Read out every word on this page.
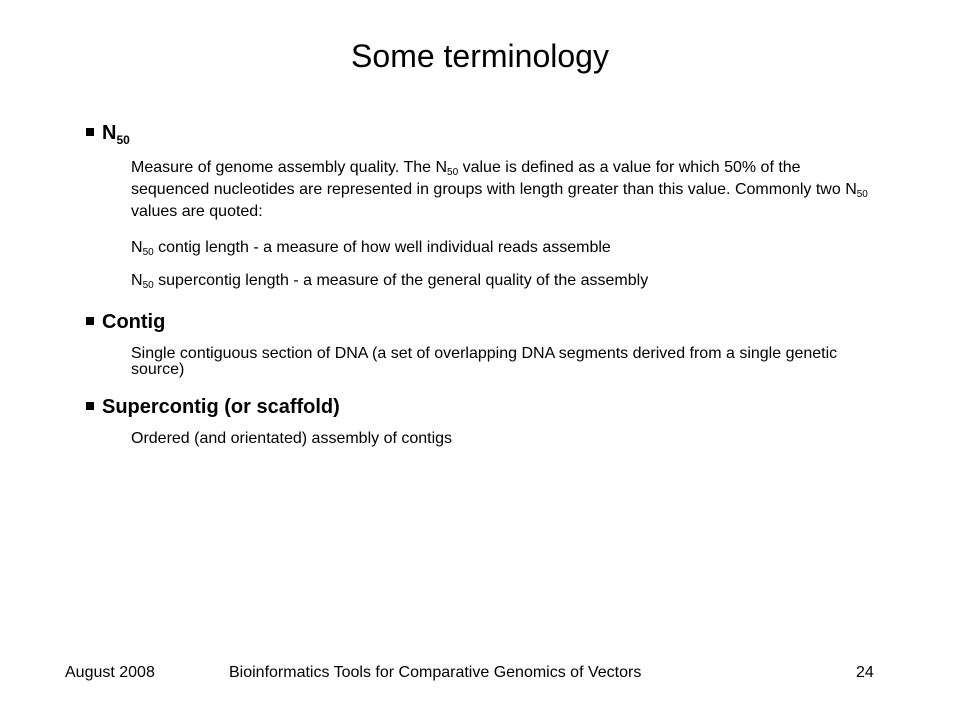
Some terminology
$N_{50}$

Measure of genome assembly quality. The $N_{50}$ value is defined as a value for which 50% of the sequenced nucleotides are represented in groups with length greater than this value. Commonly two $N_{50}$ values are quoted:

$N_{50}$ contig length - a measure of how well individual reads assemble

$N_{50}$ supercontig length - a measure of the general quality of the assembly

Contig

Single contiguous section of DNA (a set of overlapping DNA segments derived from a single genetic source)

Supercontig (or scaffold)

Ordered (and orientated) assembly of contigs

August 2008	Bioinformatics Tools for Comparative Genomics of Vectors	24
